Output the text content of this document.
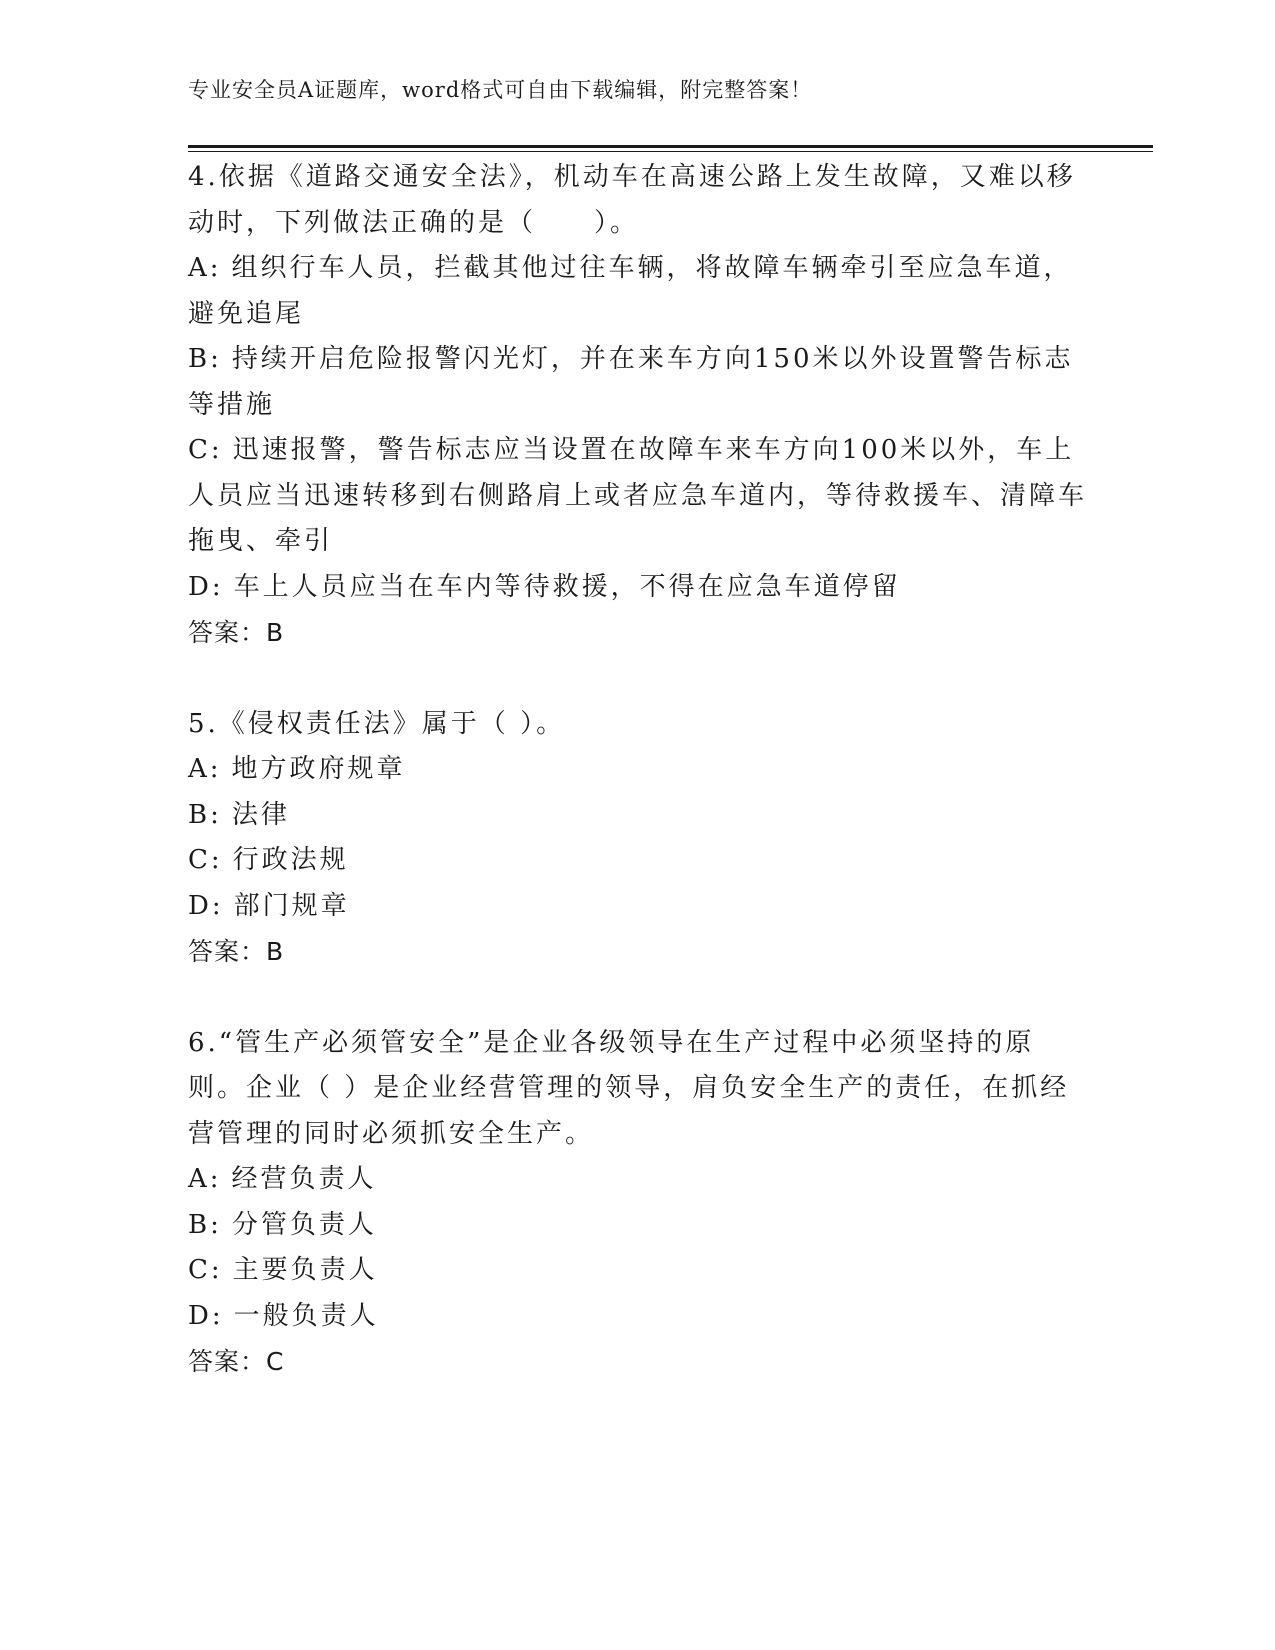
专业安全员A证题库，word格式可自由下载编辑，附完整答案！
4.依据《道路交通安全法》，机动车在高速公路上发生故障，又难以移动时，下列做法正确的是（　　）。
A: 组织行车人员，拦截其他过往车辆，将故障车辆牵引至应急车道，避免追尾
B: 持续开启危险报警闪光灯，并在来车方向150米以外设置警告标志等措施
C: 迅速报警，警告标志应当设置在故障车来车方向100米以外，车上人员应当迅速转移到右侧路肩上或者应急车道内，等待救援车、清障车拖曳、牵引
D: 车上人员应当在车内等待救援，不得在应急车道停留
答案：B
5.《侵权责任法》属于（ ）。
A: 地方政府规章
B: 法律
C: 行政法规
D: 部门规章
答案：B
6.“管生产必须管安全”是企业各级领导在生产过程中必须坚持的原则。企业（ ）是企业经营管理的领导，肩负安全生产的责任，在抓经营管理的同时必须抓安全生产。
A: 经营负责人
B: 分管负责人
C: 主要负责人
D: 一般负责人
答案：C
